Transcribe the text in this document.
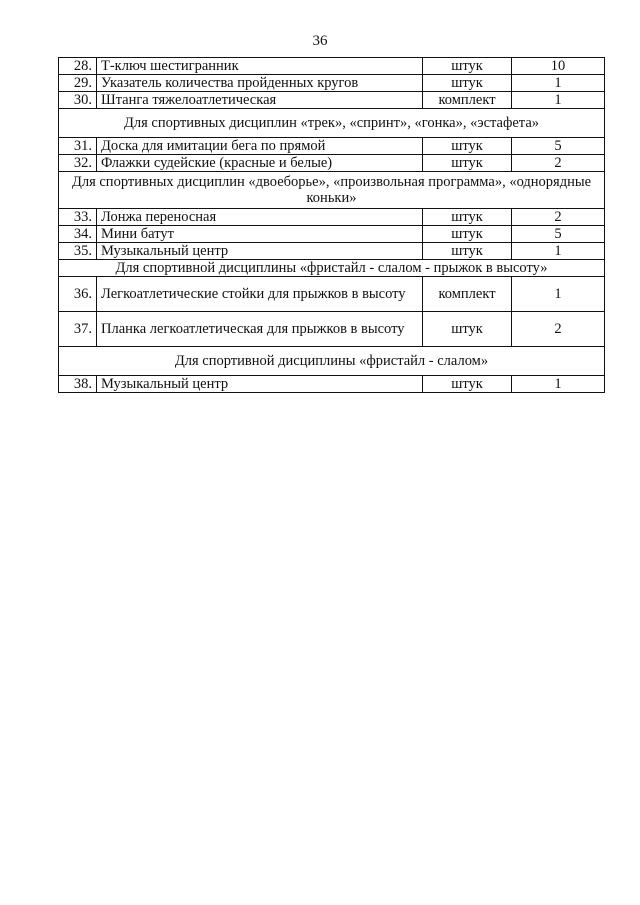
36
28.	Т-ключ шестигранник	штук	10
29.	Указатель количества пройденных кругов	штук	1
30.	Штанга тяжелоатлетическая	комплект	1
Для спортивных дисциплин «трек», «спринт», «гонка», «эстафета»			
31.	Доска для имитации бега по прямой	штук	5
32.	Флажки судейские (красные и белые)	штук	2
Для спортивных дисциплин «двоеборье», «произвольная программа», «однорядные коньки»			
33.	Лонжа переносная	штук	2
34.	Мини батут	штук	5
35.	Музыкальный центр	штук	1
Для спортивной дисциплины «фристайл - слалом - прыжок в высоту»			
36.	Легкоатлетические стойки для прыжков в высоту	комплект	1
37.	Планка легкоатлетическая для прыжков в высоту	штук	2
Для спортивной дисциплины «фристайл - слалом»			
38.	Музыкальный центр	штук	1
